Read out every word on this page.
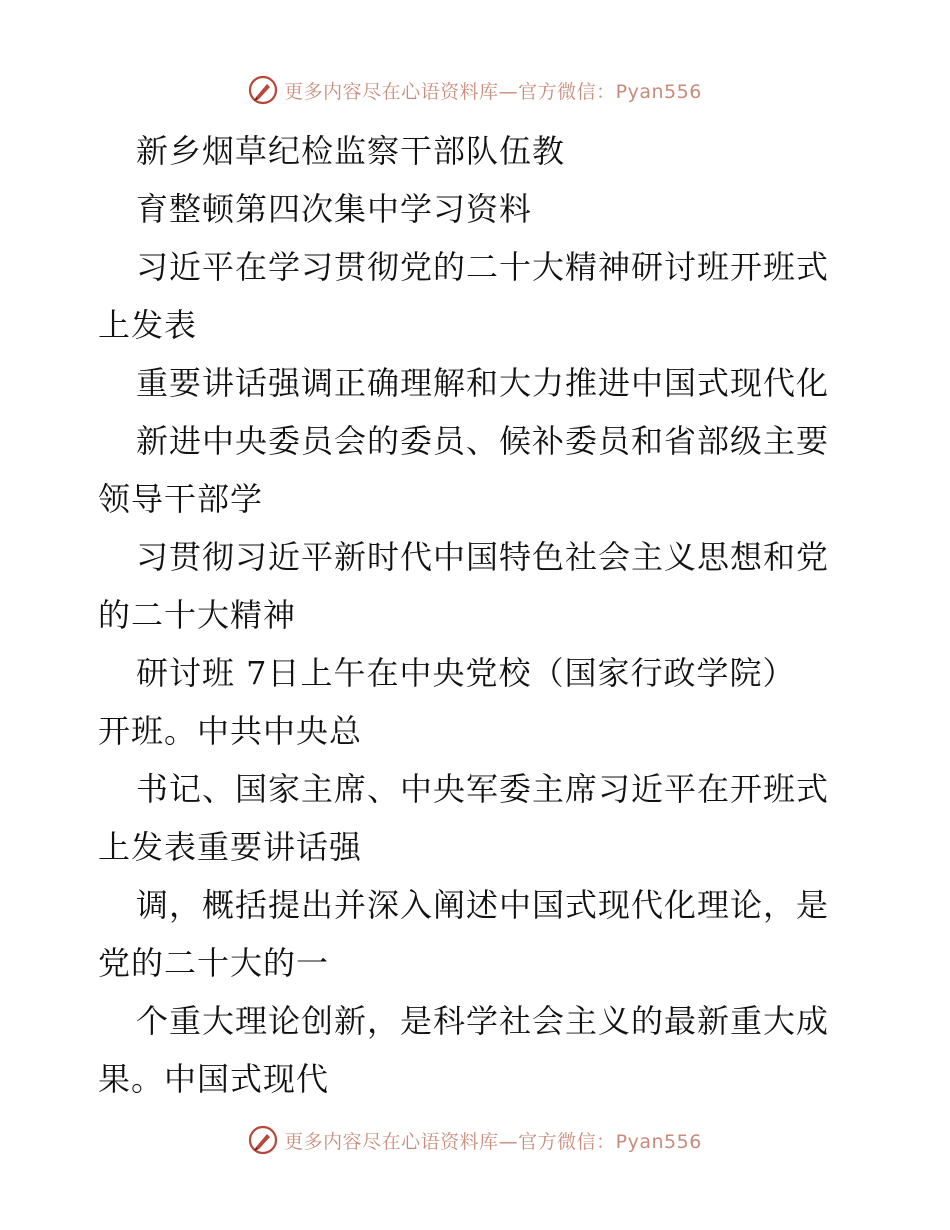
更多内容尽在心语资料库—官方微信：Pyan556
新乡烟草纪检监察干部队伍教
育整顿第四次集中学习资料
习近平在学习贯彻党的二十大精神研讨班开班式
上发表
重要讲话强调正确理解和大力推进中国式现代化
新进中央委员会的委员、候补委员和省部级主要
领导干部学
习贯彻习近平新时代中国特色社会主义思想和党
的二十大精神
研讨班 7日上午在中央党校（国家行政学院）
开班。中共中央总
书记、国家主席、中央军委主席习近平在开班式
上发表重要讲话强
调，概括提出并深入阐述中国式现代化理论，是
党的二十大的一
个重大理论创新，是科学社会主义的最新重大成
果。中国式现代
更多内容尽在心语资料库—官方微信：Pyan556
